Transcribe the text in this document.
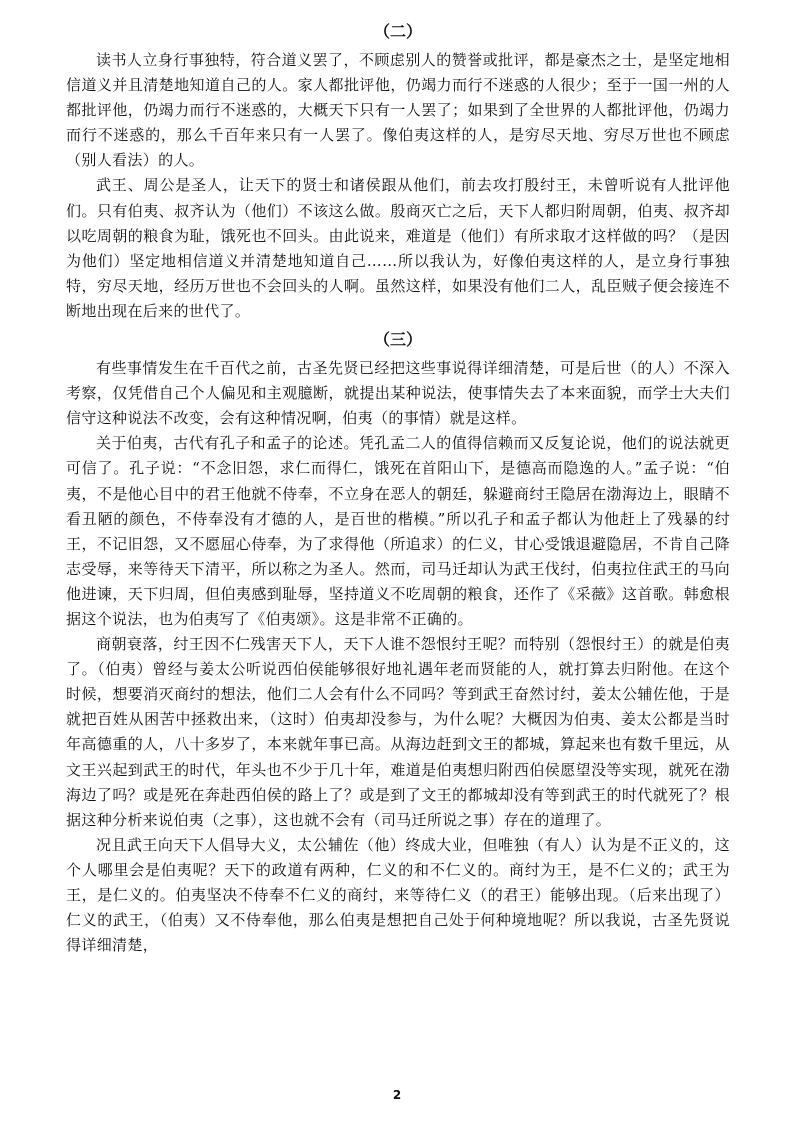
（二）

读书人立身行事独特，符合道义罢了，不顾虑别人的赞誉或批评，都是豪杰之士，是坚定地相信道义并且清楚地知道自己的人。家人都批评他，仍竭力而行不迷惑的人很少；至于一国一州的人都批评他，仍竭力而行不迷惑的，大概天下只有一人罢了；如果到了全世界的人都批评他，仍竭力而行不迷惑的，那么千百年来只有一人罢了。像伯夷这样的人，是穷尽天地、穷尽万世也不顾虑（别人看法）的人。

武王、周公是圣人，让天下的贤士和诸侯跟从他们，前去攻打殷纣王，未曾听说有人批评他们。只有伯夷、叔齐认为（他们）不该这么做。殷商灭亡之后，天下人都归附周朝，伯夷、叔齐却以吃周朝的粮食为耻，饿死也不回头。由此说来，难道是（他们）有所求取才这样做的吗？（是因为他们）坚定地相信道义并清楚地知道自己……所以我认为，好像伯夷这样的人，是立身行事独特，穷尽天地，经历万世也不会回头的人啊。虽然这样，如果没有他们二人，乱臣贼子便会接连不断地出现在后来的世代了。

（三）

有些事情发生在千百代之前，古圣先贤已经把这些事说得详细清楚，可是后世（的人）不深入考察，仅凭借自己个人偏见和主观臆断，就提出某种说法，使事情失去了本来面貌，而学士大夫们信守这种说法不改变，会有这种情况啊，伯夷（的事情）就是这样。

关于伯夷，古代有孔子和孟子的论述。凭孔孟二人的值得信赖而又反复论说，他们的说法就更可信了。孔子说：“不念旧怨，求仁而得仁，饿死在首阳山下，是德高而隐逸的人。”孟子说：“伯夷，不是他心目中的君王他就不侍奉，不立身在恶人的朝廷，躲避商纣王隐居在渤海边上，眼睛不看丑陋的颜色，不侍奉没有才德的人，是百世的楷模。”所以孔子和孟子都认为他赶上了残暴的纣王，不记旧怨，又不愿屈心侍奉，为了求得他（所追求）的仁义，甘心受饿退避隐居，不肯自己降志受辱，来等待天下清平，所以称之为圣人。然而，司马迁却认为武王伐纣，伯夷拉住武王的马向他进谏，天下归周，但伯夷感到耻辱，坚持道义不吃周朝的粮食，还作了《采薇》这首歌。韩愈根据这个说法，也为伯夷写了《伯夷颂》。这是非常不正确的。

商朝衰落，纣王因不仁残害天下人，天下人谁不怨恨纣王呢？而特别（怨恨纣王）的就是伯夷了。（伯夷）曾经与姜太公听说西伯侯能够很好地礼遇年老而贤能的人，就打算去归附他。在这个时候，想要消灭商纣的想法，他们二人会有什么不同吗？等到武王奋然讨纣，姜太公辅佐他，于是就把百姓从困苦中拯救出来，（这时）伯夷却没参与，为什么呢？大概因为伯夷、姜太公都是当时年高德重的人，八十多岁了，本来就年事已高。从海边赶到文王的都城，算起来也有数千里远，从文王兴起到武王的时代，年头也不少于几十年，难道是伯夷想归附西伯侯愿望没等实现，就死在渤海边了吗？或是死在奔赴西伯侯的路上了？或是到了文王的都城却没有等到武王的时代就死了？根据这种分析来说伯夷（之事），这也就不会有（司马迁所说之事）存在的道理了。

况且武王向天下人倡导大义，太公辅佐（他）终成大业，但唯独（有人）认为是不正义的，这个人哪里会是伯夷呢？天下的政道有两种，仁义的和不仁义的。商纣为王，是不仁义的；武王为王，是仁义的。伯夷坚决不侍奉不仁义的商纣，来等待仁义（的君王）能够出现。（后来出现了）仁义的武王，（伯夷）又不侍奉他，那么伯夷是想把自己处于何种境地呢？所以我说，古圣先贤说得详细清楚，

2
